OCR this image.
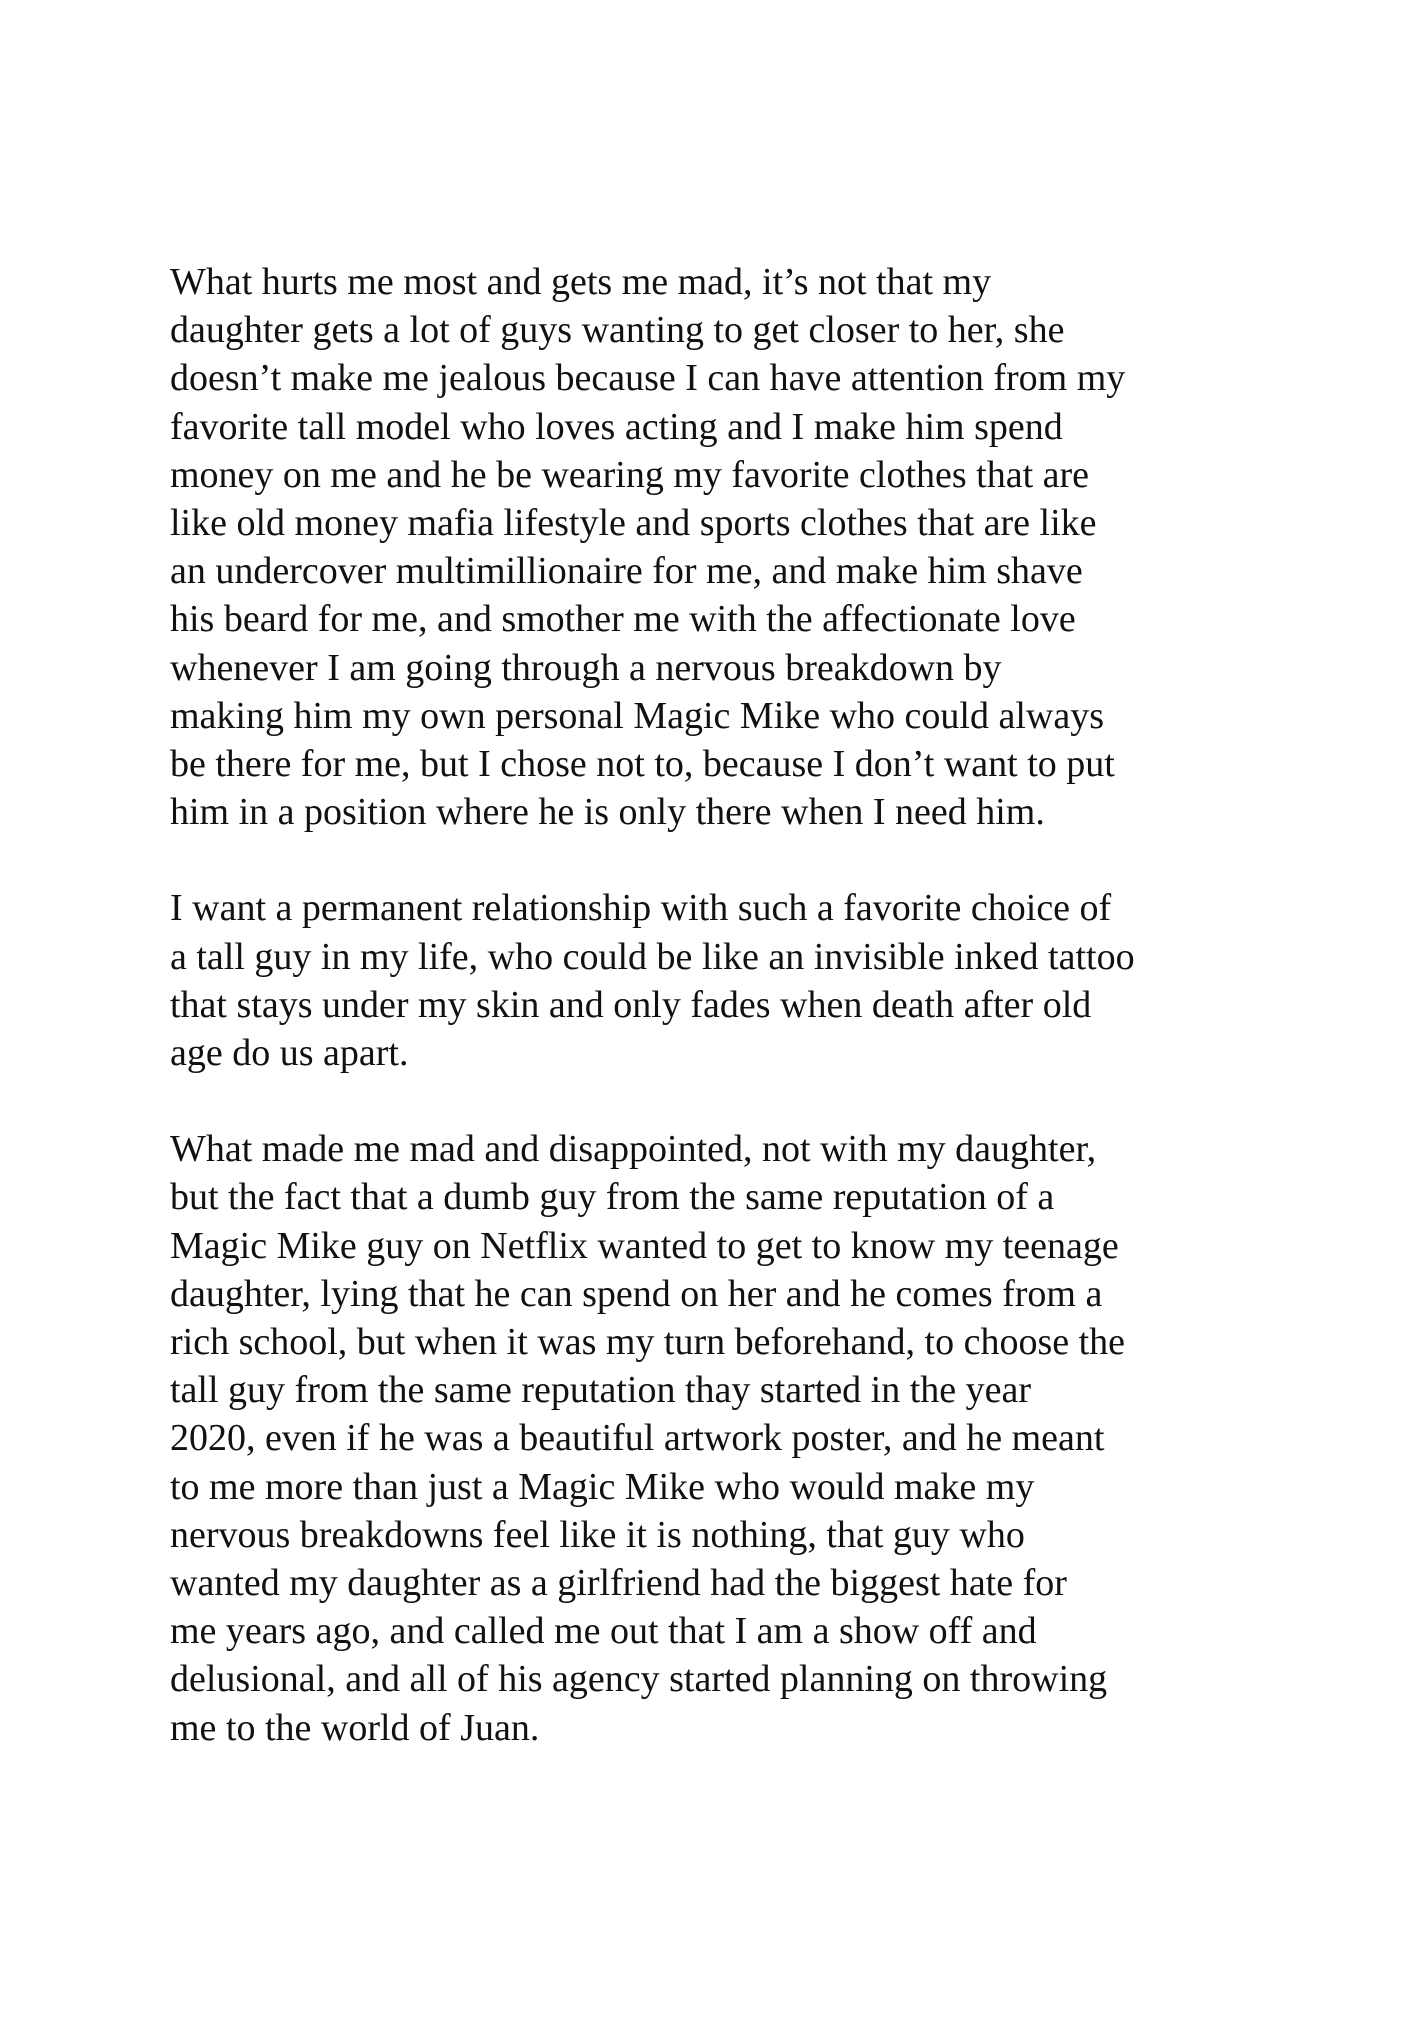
What hurts me most and gets me mad, it’s not that my
daughter gets a lot of guys wanting to get closer to her, she
doesn’t make me jealous because I can have attention from my
favorite tall model who loves acting and I make him spend
money on me and he be wearing my favorite clothes that are
like old money mafia lifestyle and sports clothes that are like
an undercover multimillionaire for me, and make him shave
his beard for me, and smother me with the affectionate love
whenever I am going through a nervous breakdown by
making him my own personal Magic Mike who could always
be there for me, but I chose not to, because I don’t want to put
him in a position where he is only there when I need him.

I want a permanent relationship with such a favorite choice of
a tall guy in my life, who could be like an invisible inked tattoo
that stays under my skin and only fades when death after old
age do us apart.

What made me mad and disappointed, not with my daughter,
but the fact that a dumb guy from the same reputation of a
Magic Mike guy on Netflix wanted to get to know my teenage
daughter, lying that he can spend on her and he comes from a
rich school, but when it was my turn beforehand, to choose the
tall guy from the same reputation thay started in the year
2020, even if he was a beautiful artwork poster, and he meant
to me more than just a Magic Mike who would make my
nervous breakdowns feel like it is nothing, that guy who
wanted my daughter as a girlfriend had the biggest hate for
me years ago, and called me out that I am a show off and
delusional, and all of his agency started planning on throwing
me to the world of Juan.
